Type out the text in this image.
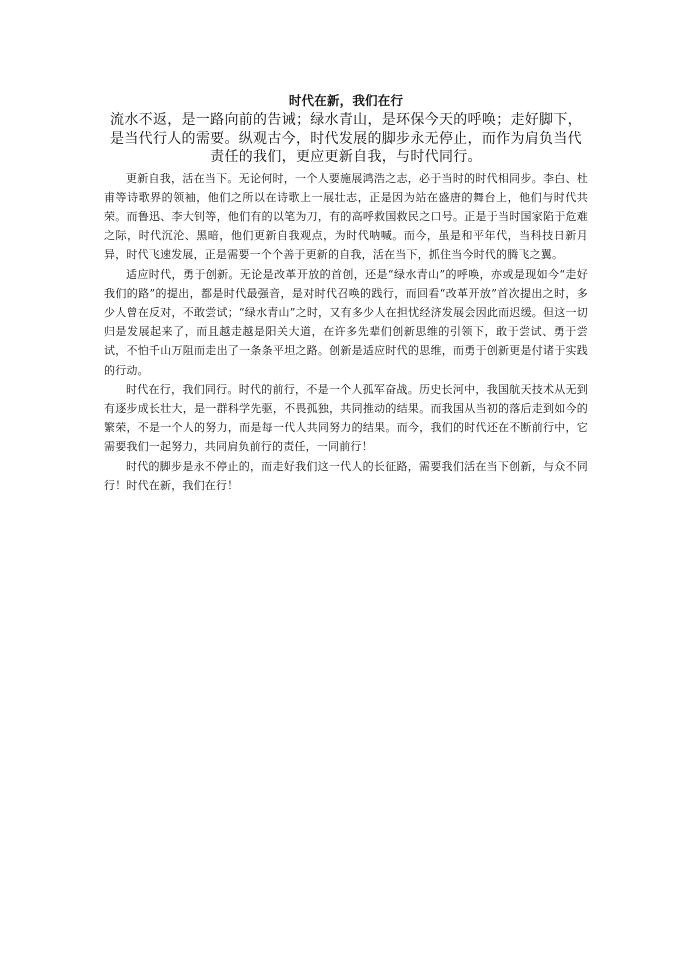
时代在新，我们在行
流水不返，是一路向前的告诫；绿水青山，是环保今天的呼唤；走好脚下，是当代行人的需要。纵观古今，时代发展的脚步永无停止，而作为肩负当代责任的我们，更应更新自我，与时代同行。

更新自我，活在当下。无论何时，一个人要施展鸿浩之志，必于当时的时代相同步。李白、杜甫等诗歌界的领袖，他们之所以在诗歌上一展壮志，正是因为站在盛唐的舞台上，他们与时代共荣。而鲁迅、李大钊等，他们有的以笔为刀，有的高呼救国救民之口号。正是于当时国家陷于危难之际，时代沉沦、黑暗，他们更新自我观点，为时代呐喊。而今，虽是和平年代，当科技日新月异，时代飞速发展，正是需要一个个善于更新的自我，活在当下，抓住当今时代的腾飞之翼。

适应时代，勇于创新。无论是改革开放的首创，还是“绿水青山”的呼唤，亦或是现如今“走好我们的路”的提出，都是时代最强音，是对时代召唤的践行，而回看“改革开放”首次提出之时，多少人曾在反对，不敢尝试；“绿水青山”之时，又有多少人在担忧经济发展会因此而迟缓。但这一切归是发展起来了，而且越走越是阳关大道，在许多先辈们创新思维的引领下，敢于尝试、勇于尝试，不怕千山万阻而走出了一条条平坦之路。创新是适应时代的思维，而勇于创新更是付诸于实践的行动。

时代在行，我们同行。时代的前行，不是一个人孤军奋战。历史长河中，我国航天技术从无到有逐步成长壮大，是一群科学先驱，不畏孤独，共同推动的结果。而我国从当初的落后走到如今的繁荣，不是一个人的努力，而是每一代人共同努力的结果。而今，我们的时代还在不断前行中，它需要我们一起努力，共同肩负前行的责任，一同前行！

时代的脚步是永不停止的，而走好我们这一代人的长征路，需要我们活在当下创新，与众不同行！时代在新，我们在行！
